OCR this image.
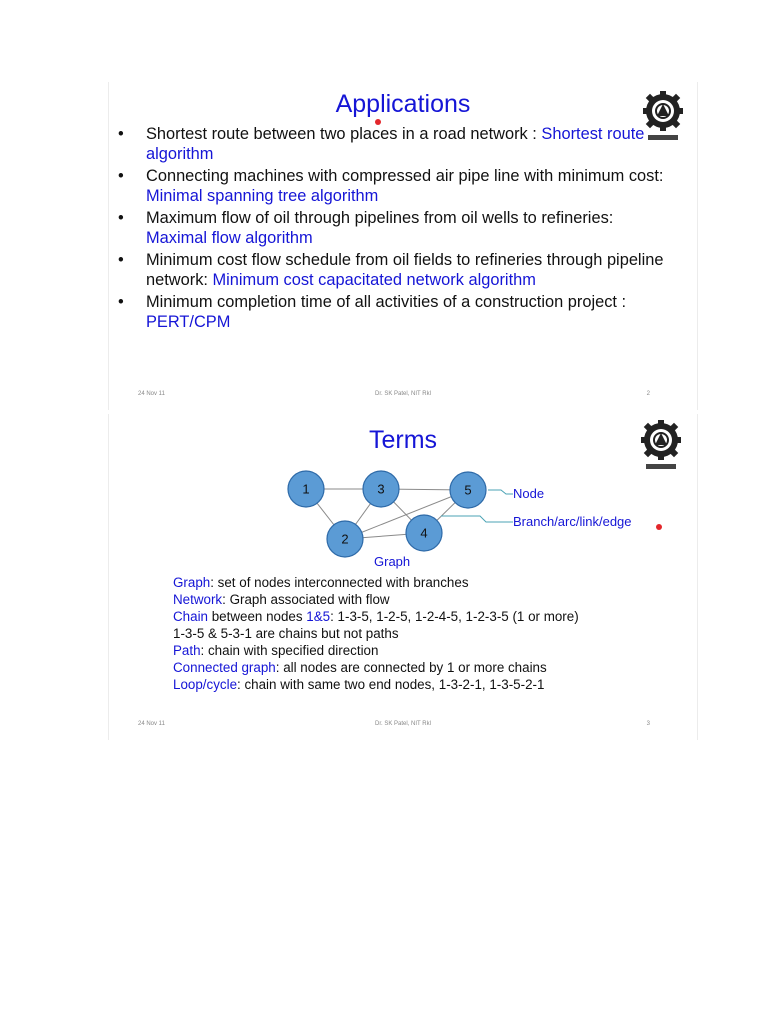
Applications
• Shortest route between two places in a road network : Shortest route algorithm
• Connecting machines with compressed air pipe line with minimum cost: Minimal spanning tree algorithm
• Maximum flow of oil through pipelines from oil wells to refineries: Maximal flow algorithm
• Minimum cost flow schedule from oil fields to refineries through pipeline network: Minimum cost capacitated network algorithm
• Minimum completion time of all activities of a construction project : PERT/CPM
24 Nov 11	Dr. SK Patel, NIT Rkl	2
Terms
1	3	5
2	4
Node
Branch/arc/link/edge
Graph
Graph: set of nodes interconnected with branches
Network: Graph associated with flow
Chain between nodes 1&5: 1-3-5, 1-2-5, 1-2-4-5, 1-2-3-5 (1 or more)
1-3-5 & 5-3-1 are chains but not paths
Path: chain with specified direction
Connected graph: all nodes are connected by 1 or more chains
Loop/cycle: chain with same two end nodes, 1-3-2-1, 1-3-5-2-1
24 Nov 11	Dr. SK Patel, NIT Rkl	3
